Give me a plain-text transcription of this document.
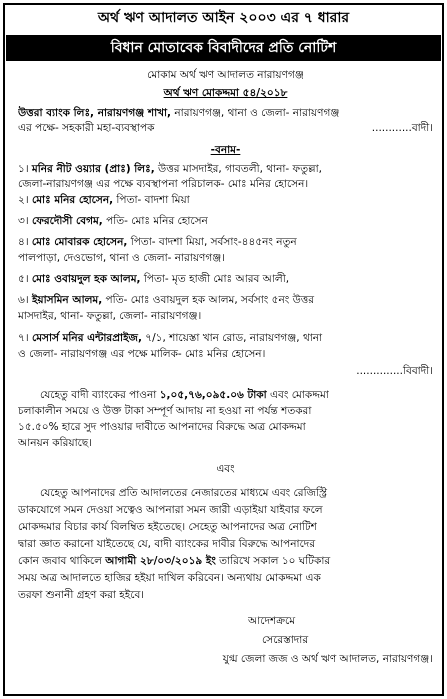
অর্থ ঋণ আদালত আইন ২০০৩ এর ৭ ধারার
বিধান মোতাবেক বিবাদীদের প্রতি নোটিশ
মোকাম অর্থ ঋণ আদালত নারায়ণগঞ্জ
অর্থ ঋণ মোকদ্দমা ৫৪/২০১৮
উত্তরা ব্যাংক লিঃ, নারায়ণগঞ্জ শাখা, নারায়ণগঞ্জ, থানা ও জেলা- নারায়ণগঞ্জ
এর পক্ষে- সহকারী মহা-ব্যবস্থাপক	............বাদী।
-বনাম-
১। মনির নীট ওয়্যার (প্রাঃ) লিঃ, উত্তর মাসদাইর, গাবতলী, থানা- ফতুল্লা,
জেলা-নারায়ণগঞ্জ এর পক্ষে ব্যবস্থাপনা পরিচালক- মোঃ মনির হোসেন।
২। মোঃ মনির হোসেন, পিতা- বাদশা মিয়া
৩। ফেরদৌসী বেগম, পতি- মোঃ মনির হোসেন
৪। মোঃ মোবারক হোসেন, পিতা- বাদশা মিয়া, সর্বসাং-৪৪৫নং নতুন
পালপাড়া, দেওভোগ, থানা ও জেলা- নারায়ণগঞ্জ।
৫। মোঃ ওবায়দুল হক আলম, পিতা- মৃত হাজী মোঃ আরব আলী,
৬। ইয়াসমিন আলম, পতি- মোঃ ওবায়দুল হক আলম, সর্বসাং ৫নং উত্তর
মাসদাইর, থানা- ফতুল্লা, জেলা- নারায়ণগঞ্জ।
৭। মেসার্স মনির এন্টারপ্রাইজ, ৭/১, শায়েস্তা খান রোড, নারায়ণগঞ্জ, থানা
ও জেলা- নারায়ণগঞ্জ এর পক্ষে মালিক- মোঃ মনির হোসেন।
..............বিবাদী।
যেহেতু বাদী ব্যাংকের পাওনা ১,০৫,৭৬,০৯৫.০৬ টাকা এবং মোকদ্দমা
চলাকালীন সময়ে ও উক্ত টাকা সম্পূর্ণ আদায় না হওয়া না পর্যন্ত শতকরা
১৫.৫০% হারে সুদ পাওয়ার দাবীতে আপনাদের বিরুদ্ধে অত্র মোকদ্দমা
আনয়ন করিয়াছে।
এবং
যেহেতু আপনাদের প্রতি আদালতের নেজারতের মাধ্যমে এবং রেজিস্ট্রি
ডাকযোগে সমন দেওয়া সত্বেও আপনারা সমন জারী এড়াইয়া যাইবার ফলে
মোকদ্দমার বিচার কার্য বিলম্বিত হইতেছে। সেহেতু আপনাদের অত্র নোটিশ
দ্বারা জ্ঞাত করানো যাইতেছে যে, বাদী ব্যাংকের দাবীর বিরুদ্ধে আপনাদের
কোন জবাব থাকিলে আগামী ২৮/০৩/২০১৯ ইং তারিখে সকাল ১০ ঘটিকার
সময় অত্র আদালতে হাজির হইয়া দাখিল করিবেন। অন্যথায় মোকদ্দমা এক
তরফা শুনানী গ্রহণ করা হইবে।
আদেশক্রমে
সেরেস্তাদার
যুগ্ম জেলা জজ ও অর্থ ঋণ আদালত, নারায়ণগঞ্জ।
